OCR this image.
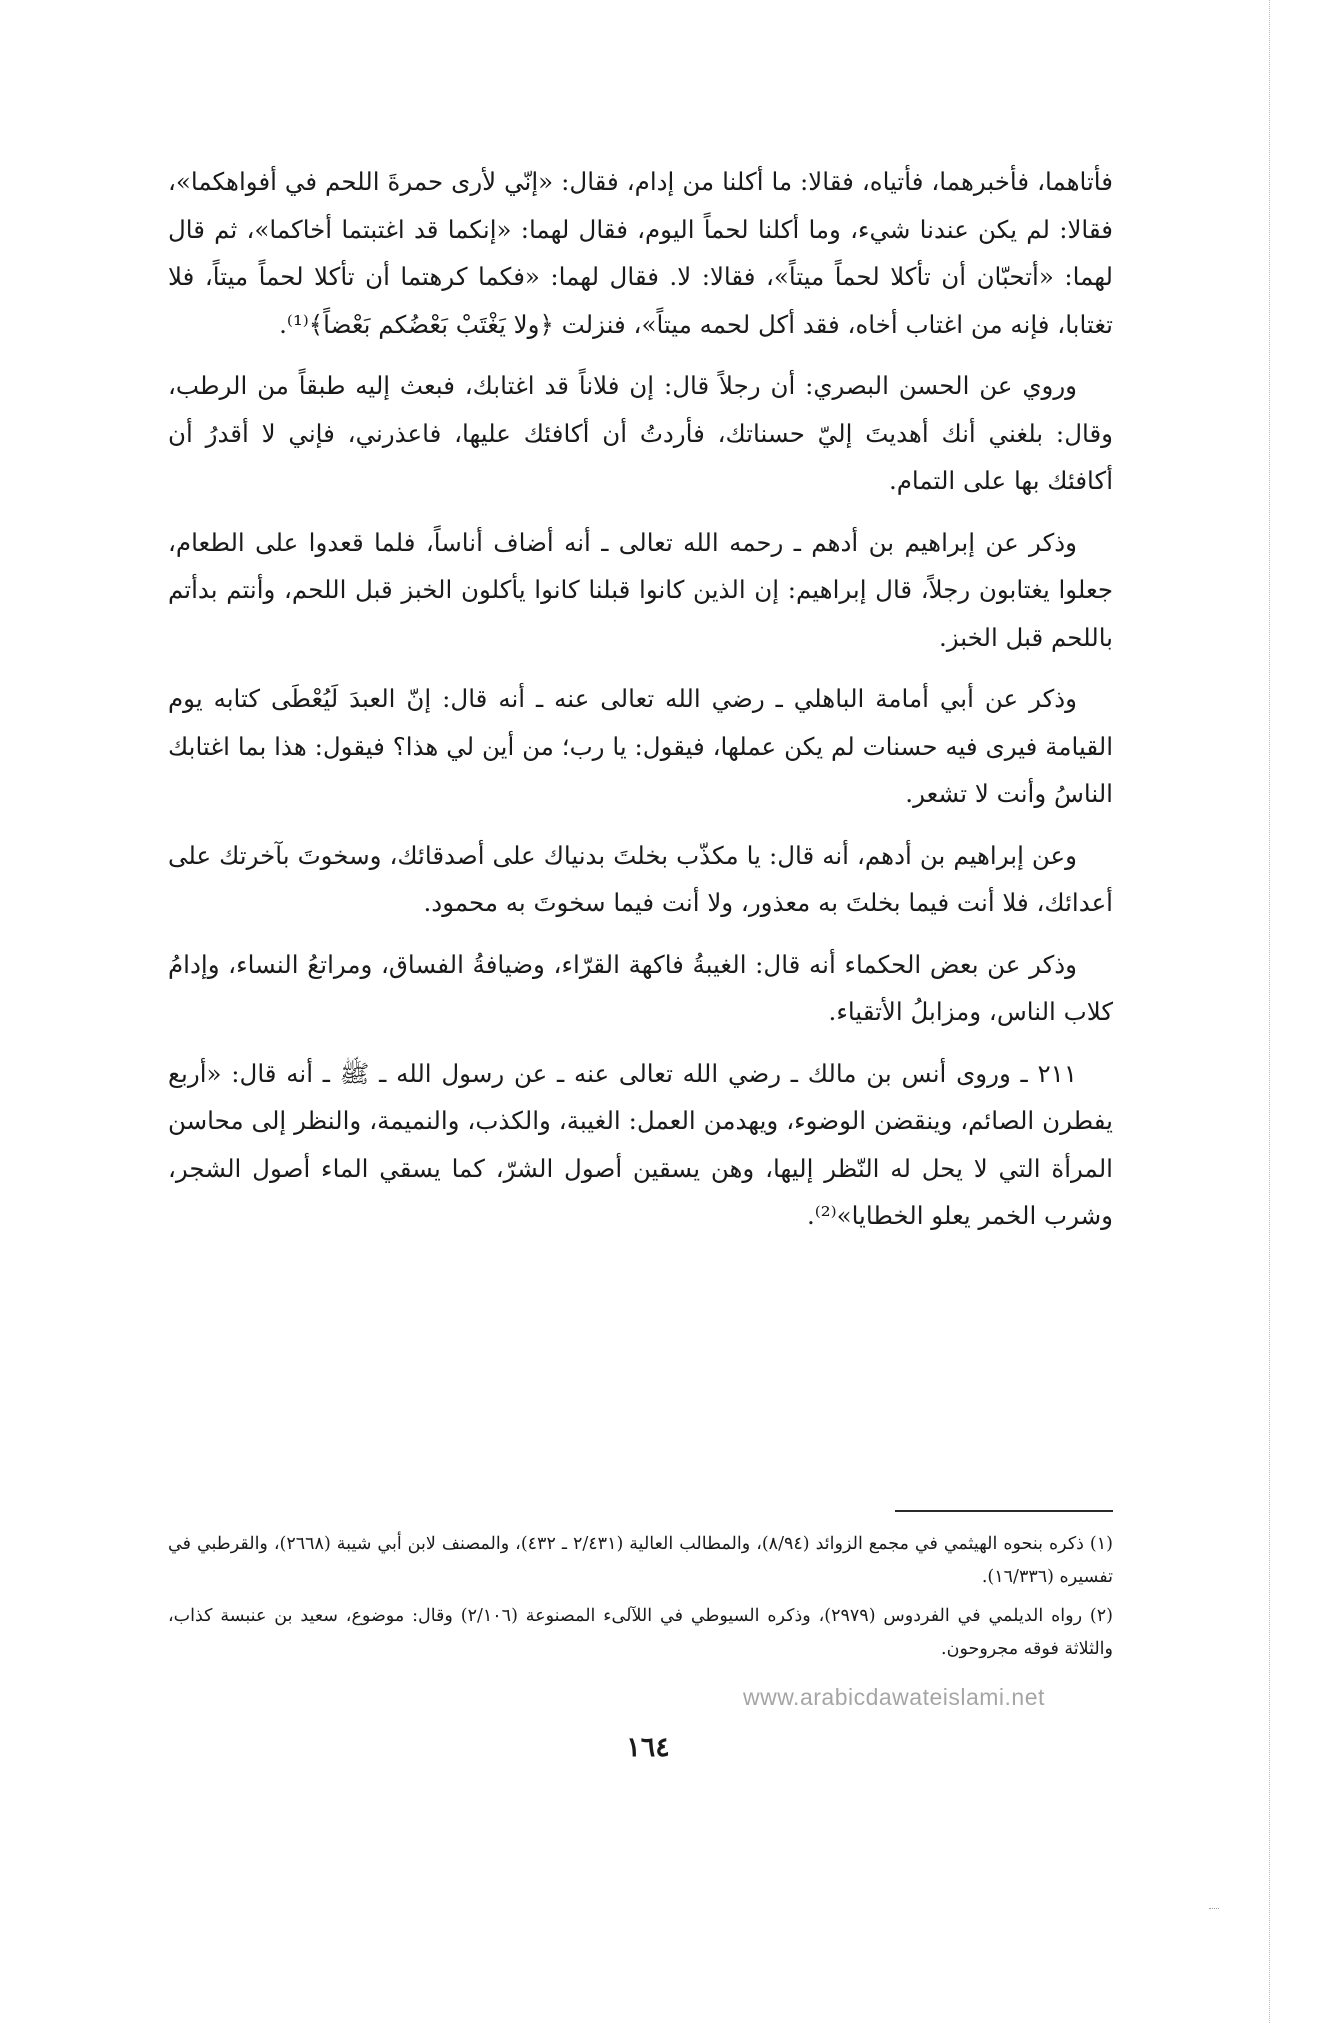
فأتاهما، فأخبرهما، فأتياه، فقالا: ما أكلنا من إدام، فقال: «إنّي لأرى حمرةَ اللحم في أفواهكما»، فقالا: لم يكن عندنا شيء، وما أكلنا لحماً اليوم، فقال لهما: «إنكما قد اغتبتما أخاكما»، ثم قال لهما: «أتحبّان أن تأكلا لحماً ميتاً»، فقالا: لا. فقال لهما: «فكما كرهتما أن تأكلا لحماً ميتاً، فلا تغتابا، فإنه من اغتاب أخاه، فقد أكل لحمه ميتاً»، فنزلت ﴿ولا يَغْتَبْ بَعْضُكم بَعْضاً﴾⁽¹⁾.

وروي عن الحسن البصري: أن رجلاً قال: إن فلاناً قد اغتابك، فبعث إليه طبقاً من الرطب، وقال: بلغني أنك أهديتَ إليّ حسناتك، فأردتُ أن أكافئك عليها، فاعذرني، فإني لا أقدرُ أن أكافئك بها على التمام.

وذكر عن إبراهيم بن أدهم ـ رحمه الله تعالى ـ أنه أضاف أناساً، فلما قعدوا على الطعام، جعلوا يغتابون رجلاً، قال إبراهيم: إن الذين كانوا قبلنا كانوا يأكلون الخبز قبل اللحم، وأنتم بدأتم باللحم قبل الخبز.

وذكر عن أبي أمامة الباهلي ـ رضي الله تعالى عنه ـ أنه قال: إنّ العبدَ لَيُعْطَى كتابه يوم القيامة فيرى فيه حسنات لم يكن عملها، فيقول: يا رب؛ من أين لي هذا؟ فيقول: هذا بما اغتابك الناسُ وأنت لا تشعر.

وعن إبراهيم بن أدهم، أنه قال: يا مكذّب بخلتَ بدنياك على أصدقائك، وسخوتَ بآخرتك على أعدائك، فلا أنت فيما بخلتَ به معذور، ولا أنت فيما سخوتَ به محمود.

وذكر عن بعض الحكماء أنه قال: الغيبةُ فاكهة القرّاء، وضيافةُ الفساق، ومراتعُ النساء، وإدامُ كلاب الناس، ومزابلُ الأتقياء.

٢١١ ـ وروى أنس بن مالك ـ رضي الله تعالى عنه ـ عن رسول الله ـ ﷺ ـ أنه قال: «أربع يفطرن الصائم، وينقضن الوضوء، ويهدمن العمل: الغيبة، والكذب، والنميمة، والنظر إلى محاسن المرأة التي لا يحل له النّظر إليها، وهن يسقين أصول الشرّ، كما يسقي الماء أصول الشجر، وشرب الخمر يعلو الخطايا»⁽²⁾.

(١) ذكره بنحوه الهيثمي في مجمع الزوائد (٨/٩٤)، والمطالب العالية (٢/٤٣١ ـ ٤٣٢)، والمصنف لابن أبي شيبة (٢٦٦٨)، والقرطبي في تفسيره (١٦/٣٣٦).

(٢) رواه الديلمي في الفردوس (٢٩٧٩)، وذكره السيوطي في اللآلىء المصنوعة (٢/١٠٦) وقال: موضوع، سعيد بن عنبسة كذاب، والثلاثة فوقه مجروحون.

www.arabicdawateislami.net
١٦٤
